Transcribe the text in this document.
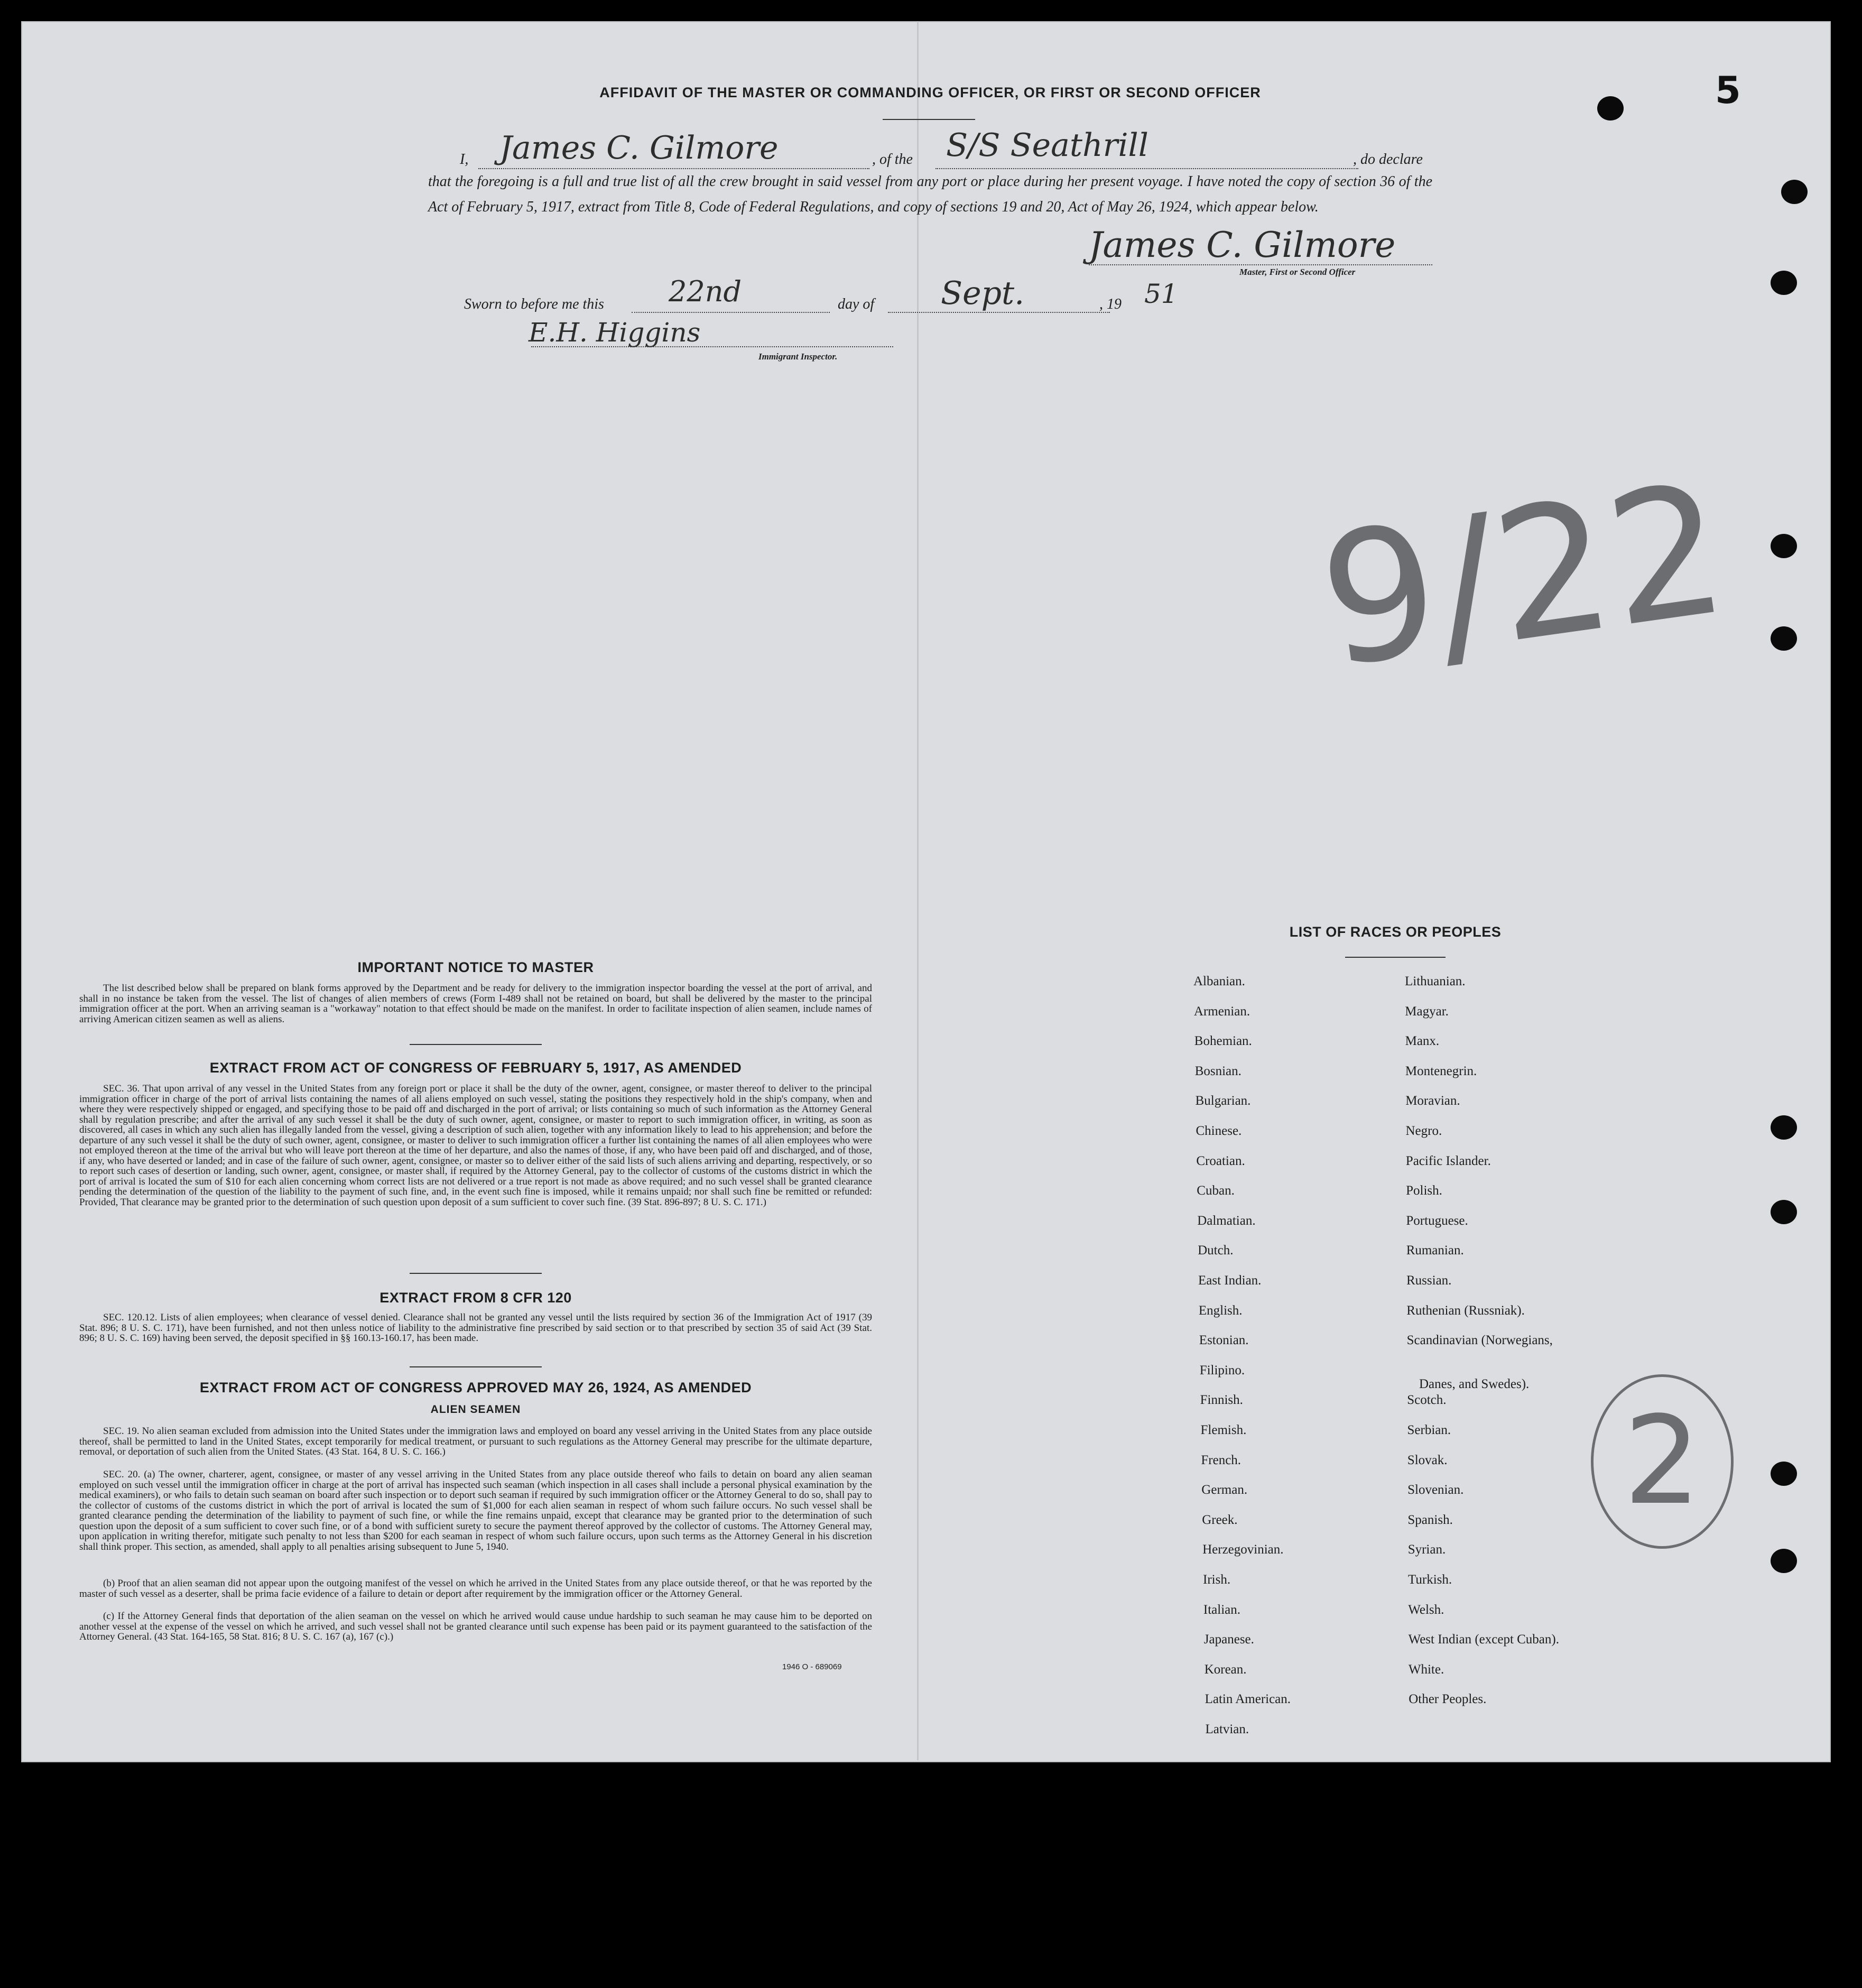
5
AFFIDAVIT OF THE MASTER OR COMMANDING OFFICER, OR FIRST OR SECOND OFFICER
I, James C. Gilmore	, of the S/S Seathrill	, do declare
that the foregoing is a full and true list of all the crew brought in said vessel from any port or place during her present voyage. I have noted the copy of section 36 of the Act of February 5, 1917, extract from Title 8, Code of Federal Regulations, and copy of sections 19 and 20, Act of May 26, 1924, which appear below.
James C. Gilmore
Master, First or Second Officer
Sworn to before me this 22nd	day of Sept.	, 19 51
E.H. Higgins
Immigrant Inspector.
9/22
2
IMPORTANT NOTICE TO MASTER

The list described below shall be prepared on blank forms approved by the Department and be ready for delivery to the immigration inspector boarding the vessel at the port of arrival, and shall in no instance be taken from the vessel. The list of changes of alien members of crews (Form I-489 shall not be retained on board, but shall be delivered by the master to the principal immigration officer at the port. When an arriving seaman is a "workaway" notation to that effect should be made on the manifest. In order to facilitate inspection of alien seamen, include names of arriving American citizen seamen as well as aliens.

EXTRACT FROM ACT OF CONGRESS OF FEBRUARY 5, 1917, AS AMENDED

SEC. 36. That upon arrival of any vessel in the United States from any foreign port or place it shall be the duty of the owner, agent, consignee, or master thereof to deliver to the principal immigration officer in charge of the port of arrival lists containing the names of all aliens employed on such vessel, stating the positions they respectively hold in the ship's company, when and where they were respectively shipped or engaged, and specifying those to be paid off and discharged in the port of arrival; or lists containing so much of such information as the Attorney General shall by regulation prescribe; and after the arrival of any such vessel it shall be the duty of such owner, agent, consignee, or master to report to such immigration officer, in writing, as soon as discovered, all cases in which any such alien has illegally landed from the vessel, giving a description of such alien, together with any information likely to lead to his apprehension; and before the departure of any such vessel it shall be the duty of such owner, agent, consignee, or master to deliver to such immigration officer a further list containing the names of all alien employees who were not employed thereon at the time of the arrival but who will leave port thereon at the time of her departure, and also the names of those, if any, who have been paid off and discharged, and of those, if any, who have deserted or landed; and in case of the failure of such owner, agent, consignee, or master so to deliver either of the said lists of such aliens arriving and departing, respectively, or so to report such cases of desertion or landing, such owner, agent, consignee, or master shall, if required by the Attorney General, pay to the collector of customs of the customs district in which the port of arrival is located the sum of $10 for each alien concerning whom correct lists are not delivered or a true report is not made as above required; and no such vessel shall be granted clearance pending the determination of the question of the liability to the payment of such fine, and, in the event such fine is imposed, while it remains unpaid; nor shall such fine be remitted or refunded: Provided, That clearance may be granted prior to the determination of such question upon deposit of a sum sufficient to cover such fine. (39 Stat. 896-897; 8 U. S. C. 171.)

EXTRACT FROM 8 CFR 120

SEC. 120.12. Lists of alien employees; when clearance of vessel denied. Clearance shall not be granted any vessel until the lists required by section 36 of the Immigration Act of 1917 (39 Stat. 896; 8 U. S. C. 171), have been furnished, and not then unless notice of liability to the administrative fine prescribed by said section or to that prescribed by section 35 of said Act (39 Stat. 896; 8 U. S. C. 169) having been served, the deposit specified in §§ 160.13-160.17, has been made.

EXTRACT FROM ACT OF CONGRESS APPROVED MAY 26, 1924, AS AMENDED
ALIEN SEAMEN

SEC. 19. No alien seaman excluded from admission into the United States under the immigration laws and employed on board any vessel arriving in the United States from any place outside thereof, shall be permitted to land in the United States, except temporarily for medical treatment, or pursuant to such regulations as the Attorney General may prescribe for the ultimate departure, removal, or deportation of such alien from the United States. (43 Stat. 164, 8 U. S. C. 166.)

SEC. 20. (a) The owner, charterer, agent, consignee, or master of any vessel arriving in the United States from any place outside thereof who fails to detain on board any alien seaman employed on such vessel until the immigration officer in charge at the port of arrival has inspected such seaman (which inspection in all cases shall include a personal physical examination by the medical examiners), or who fails to detain such seaman on board after such inspection or to deport such seaman if required by such immigration officer or the Attorney General to do so, shall pay to the collector of customs of the customs district in which the port of arrival is located the sum of $1,000 for each alien seaman in respect of whom such failure occurs. No such vessel shall be granted clearance pending the determination of the liability to payment of such fine, or while the fine remains unpaid, except that clearance may be granted prior to the determination of such question upon the deposit of a sum sufficient to cover such fine, or of a bond with sufficient surety to secure the payment thereof approved by the collector of customs. The Attorney General may, upon application in writing therefor, mitigate such penalty to not less than $200 for each seaman in respect of whom such failure occurs, upon such terms as the Attorney General in his discretion shall think proper. This section, as amended, shall apply to all penalties arising subsequent to June 5, 1940.

(b) Proof that an alien seaman did not appear upon the outgoing manifest of the vessel on which he arrived in the United States from any place outside thereof, or that he was reported by the master of such vessel as a deserter, shall be prima facie evidence of a failure to detain or deport after requirement by the immigration officer or the Attorney General.

(c) If the Attorney General finds that deportation of the alien seaman on the vessel on which he arrived would cause undue hardship to such seaman he may cause him to be deported on another vessel at the expense of the vessel on which he arrived, and such vessel shall not be granted clearance until such expense has been paid or its payment guaranteed to the satisfaction of the Attorney General. (43 Stat. 164-165, 58 Stat. 816; 8 U. S. C. 167 (a), 167 (c).)

1946 O - 689069
LIST OF RACES OR PEOPLES
Albanian.
Armenian.
Bohemian.
Bosnian.
Bulgarian.
Chinese.
Croatian.
Cuban.
Dalmatian.
Dutch.
East Indian.
English.
Estonian.
Filipino.
Finnish.
Flemish.
French.
German.
Greek.
Herzegovinian.
Irish.
Italian.
Japanese.
Korean.
Latin American.
Latvian.
Lithuanian.
Magyar.
Manx.
Montenegrin.
Moravian.
Negro.
Pacific Islander.
Polish.
Portuguese.
Rumanian.
Russian.
Ruthenian (Russniak).
Scandinavian (Norwegians,
Danes, and Swedes).
Scotch.
Serbian.
Slovak.
Slovenian.
Spanish.
Syrian.
Turkish.
Welsh.
West Indian (except Cuban).
White.
Other Peoples.
